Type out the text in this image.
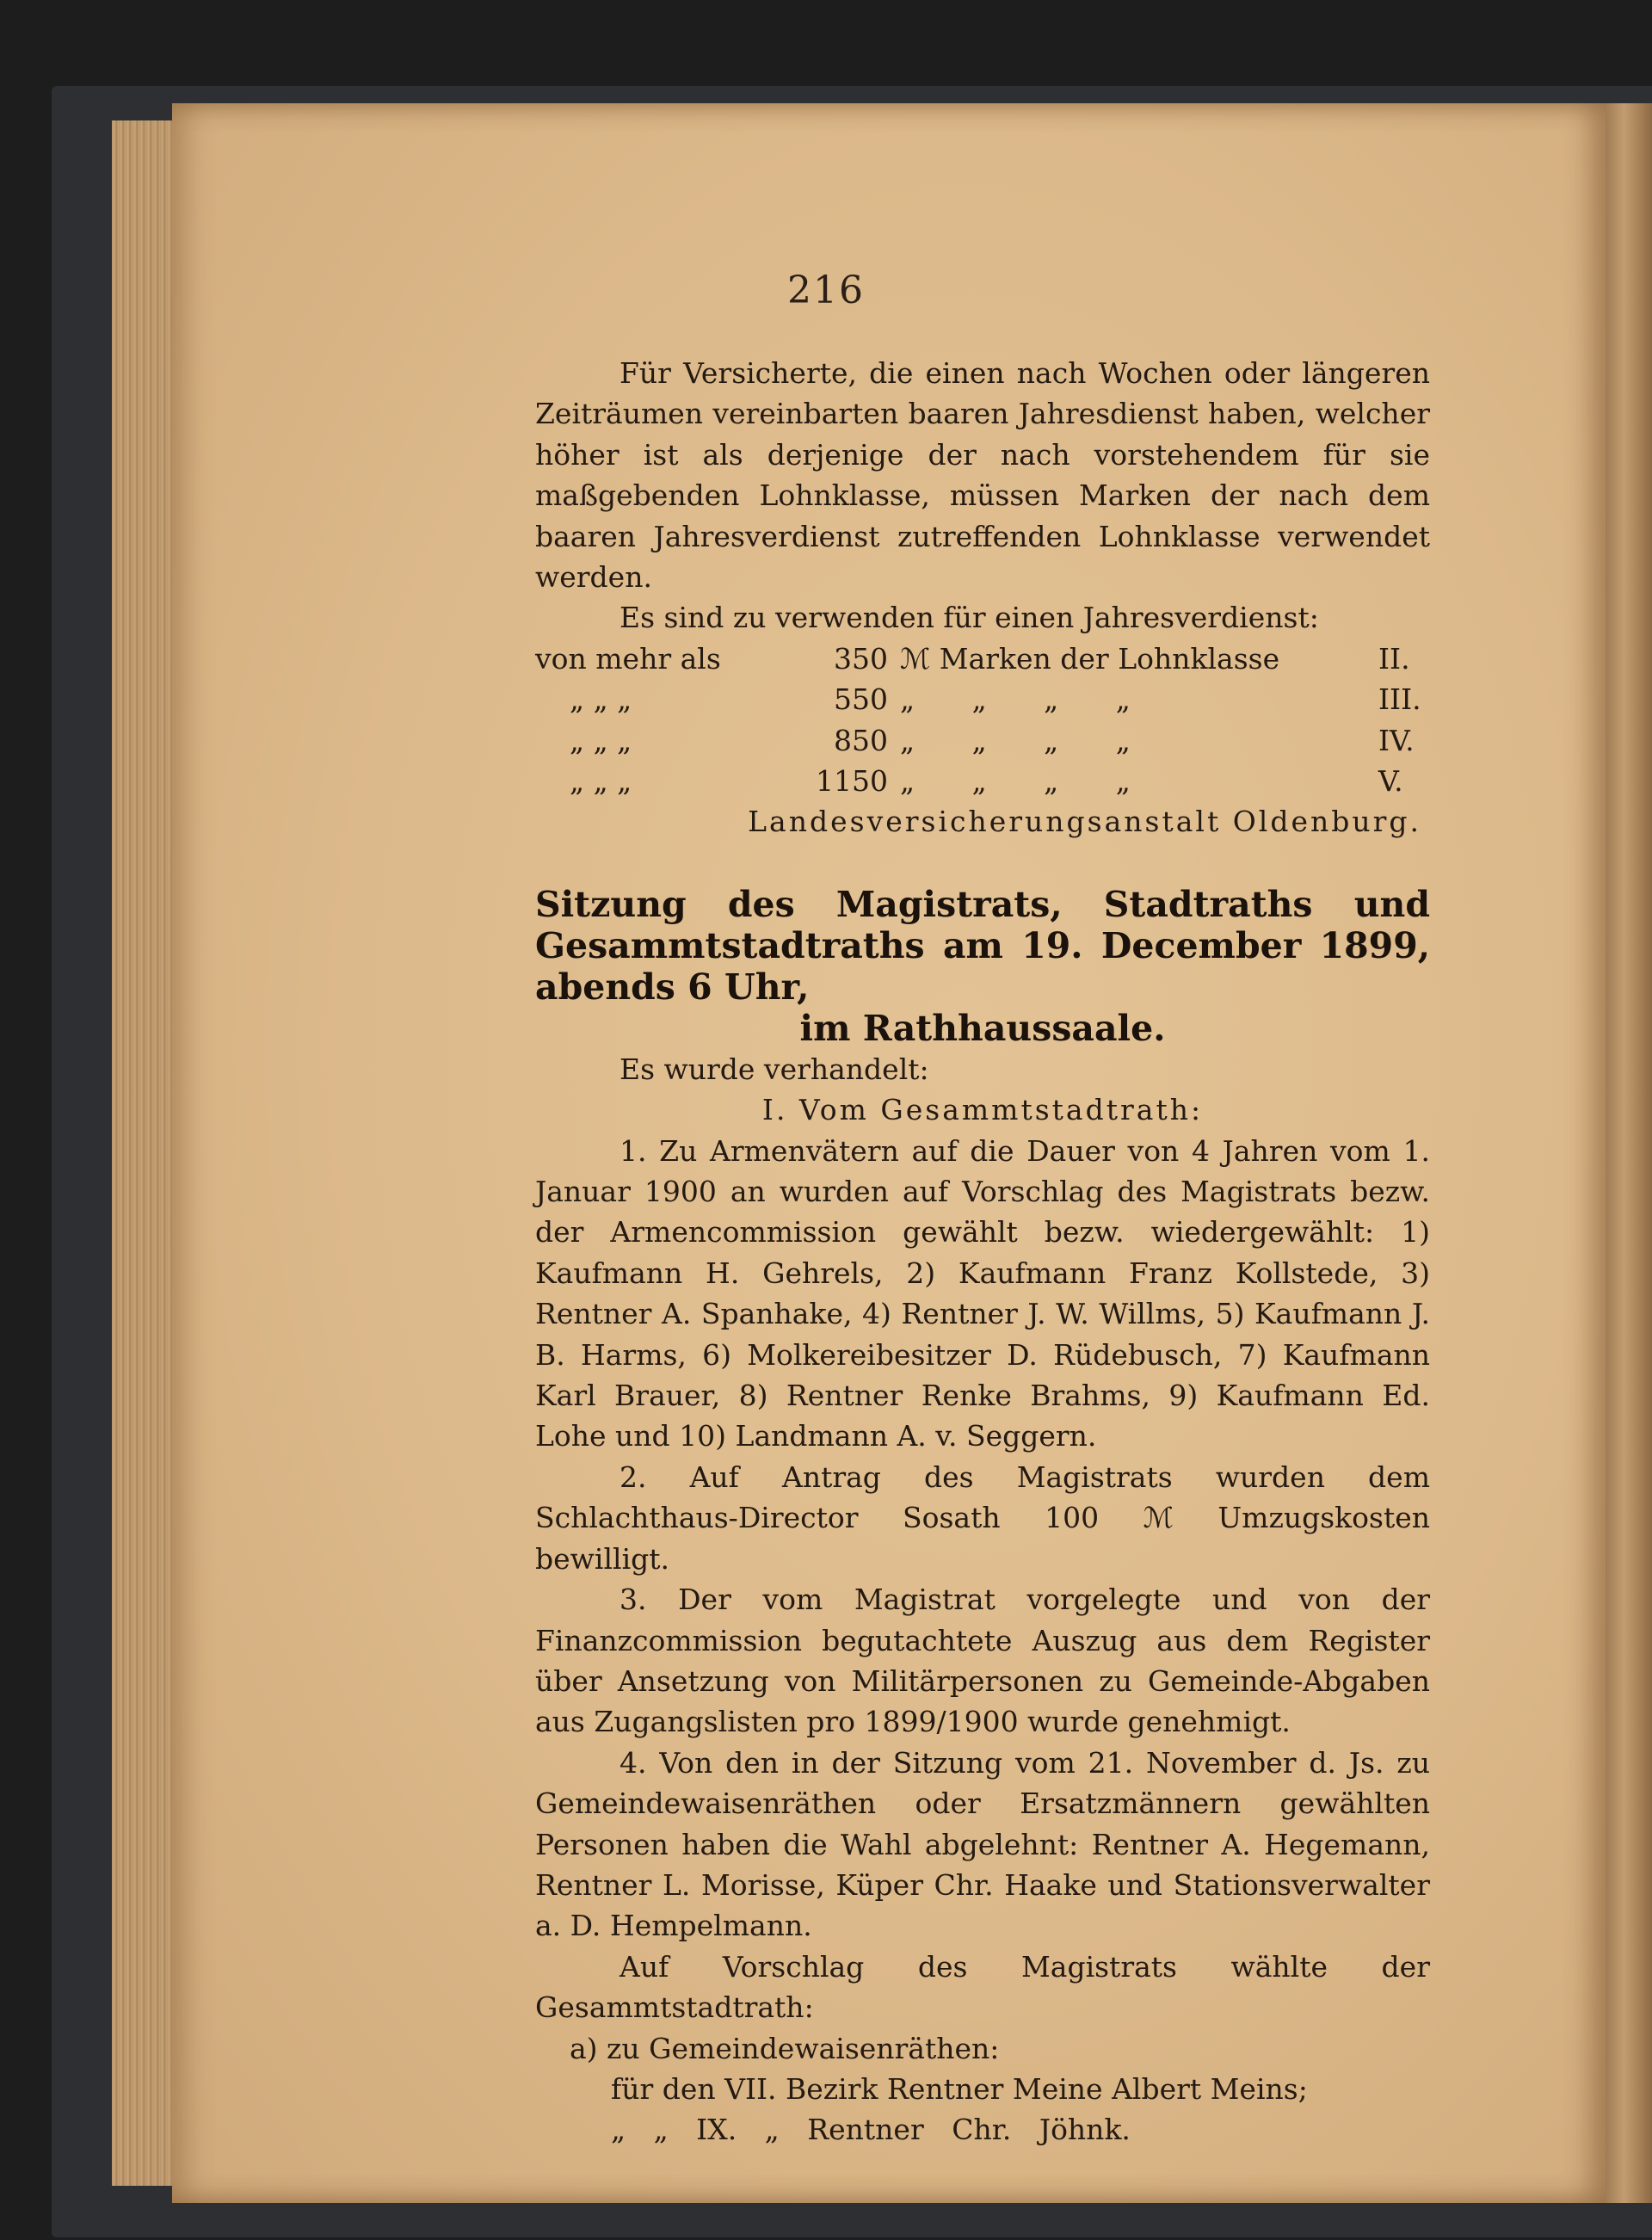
216

Für Versicherte, die einen nach Wochen oder längeren Zeiträumen vereinbarten baaren Jahresdienst haben, welcher höher ist als derjenige der nach vorstehendem für sie maßgebenden Lohnklasse, müssen Marken der nach dem baaren Jahresverdienst zutreffenden Lohnklasse verwendet werden.

Es sind zu verwenden für einen Jahresverdienst:

von mehr als	350 ℳ Marken der Lohnklasse	II.
„ „ „	550 „ „ „ „	III.
„ „ „	850 „ „ „ „	IV.
„ „ „	1150 „ „ „ „	V.

Landesversicherungsanstalt Oldenburg.

Sitzung des Magistrats, Stadtraths und Gesammtstadtraths am 19. December 1899, abends 6 Uhr,
im Rathhaussaale.

Es wurde verhandelt:

I. Vom Gesammtstadtrath:

1. Zu Armenvätern auf die Dauer von 4 Jahren vom 1. Januar 1900 an wurden auf Vorschlag des Magistrats bezw. der Armencommission gewählt bezw. wiedergewählt: 1) Kaufmann H. Gehrels, 2) Kaufmann Franz Kollstede, 3) Rentner A. Spanhake, 4) Rentner J. W. Willms, 5) Kaufmann J. B. Harms, 6) Molkereibesitzer D. Rüdebusch, 7) Kaufmann Karl Brauer, 8) Rentner Renke Brahms, 9) Kaufmann Ed. Lohe und 10) Landmann A. v. Seggern.

2. Auf Antrag des Magistrats wurden dem Schlachthaus-Director Sosath 100 ℳ Umzugskosten bewilligt.

3. Der vom Magistrat vorgelegte und von der Finanzcommission begutachtete Auszug aus dem Register über Ansetzung von Militärpersonen zu Gemeinde-Abgaben aus Zugangslisten pro 1899/1900 wurde genehmigt.

4. Von den in der Sitzung vom 21. November d. Js. zu Gemeindewaisenräthen oder Ersatzmännern gewählten Personen haben die Wahl abgelehnt: Rentner A. Hegemann, Rentner L. Morisse, Küper Chr. Haake und Stationsverwalter a. D. Hempelmann.

Auf Vorschlag des Magistrats wählte der Gesammtstadtrath:

a) zu Gemeindewaisenräthen:

für den VII. Bezirk Rentner Meine Albert Meins;

„ „ IX. „ Rentner Chr. Jöhnk.
